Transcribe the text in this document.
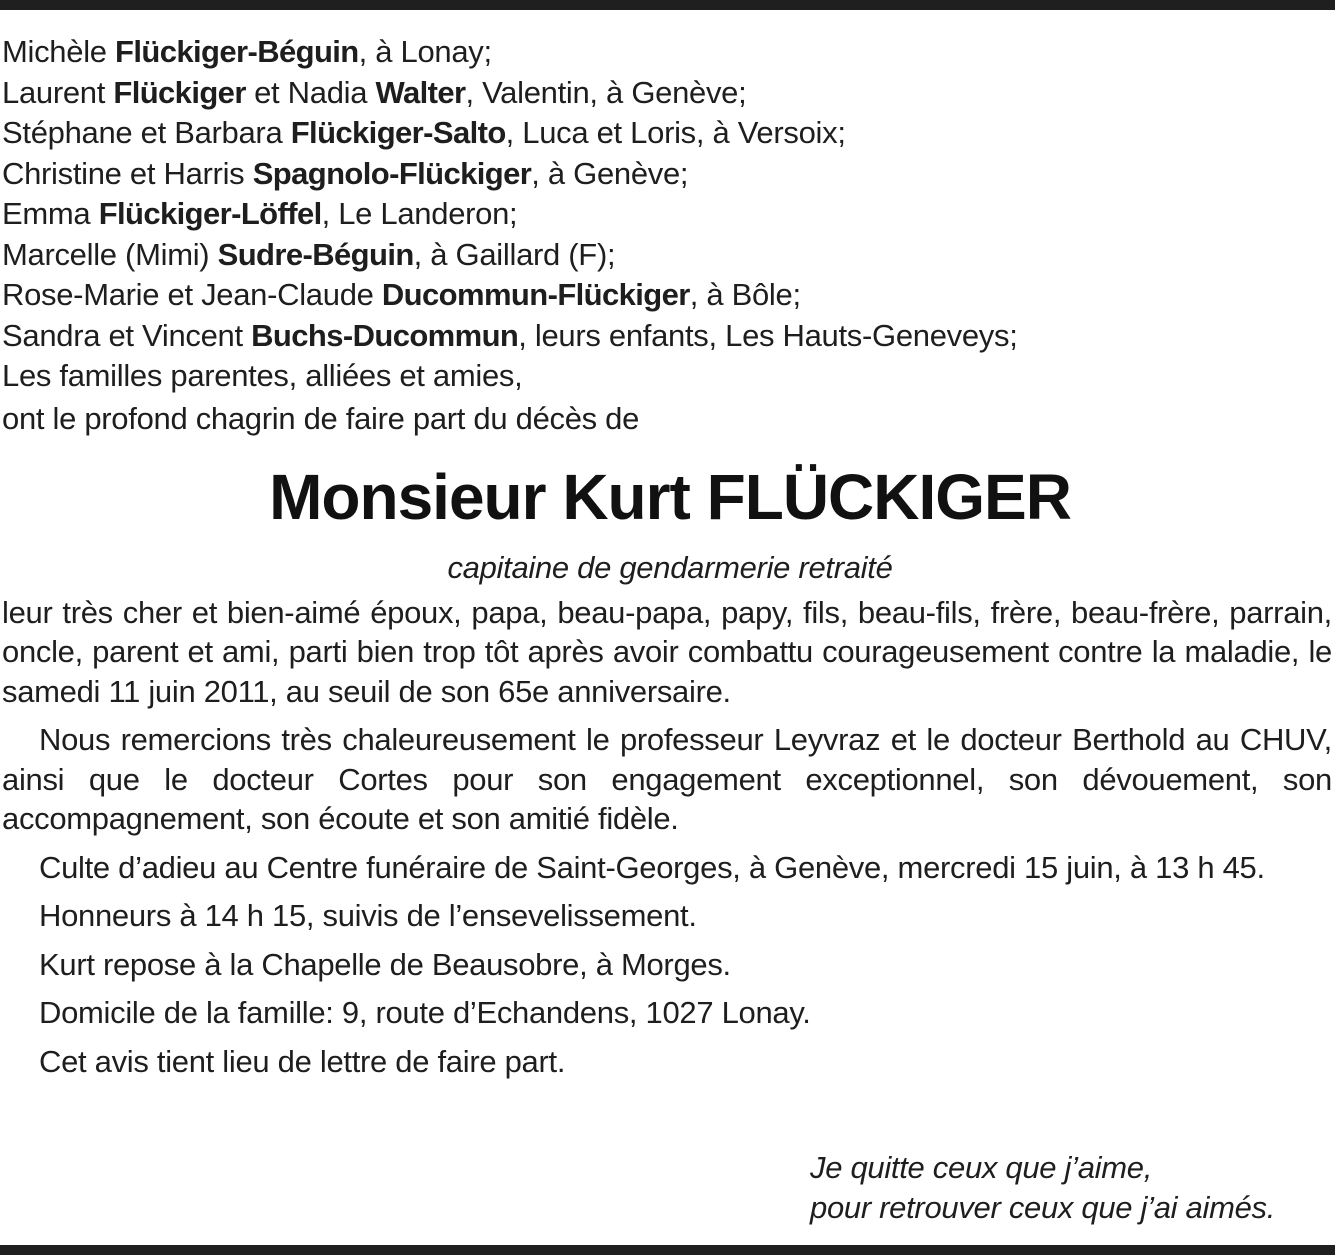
Michèle Flückiger-Béguin, à Lonay;
Laurent Flückiger et Nadia Walter, Valentin, à Genève;
Stéphane et Barbara Flückiger-Salto, Luca et Loris, à Versoix;
Christine et Harris Spagnolo-Flückiger, à Genève;
Emma Flückiger-Löffel, Le Landeron;
Marcelle (Mimi) Sudre-Béguin, à Gaillard (F);
Rose-Marie et Jean-Claude Ducommun-Flückiger, à Bôle;
Sandra et Vincent Buchs-Ducommun, leurs enfants, Les Hauts-Geneveys;
Les familles parentes, alliées et amies,
ont le profond chagrin de faire part du décès de
Monsieur Kurt FLÜCKIGER
capitaine de gendarmerie retraité
leur très cher et bien-aimé époux, papa, beau-papa, papy, fils, beau-fils, frère, beau-frère, parrain, oncle, parent et ami, parti bien trop tôt après avoir combattu courageusement contre la maladie, le samedi 11 juin 2011, au seuil de son 65e anniversaire.
Nous remercions très chaleureusement le professeur Leyvraz et le docteur Berthold au CHUV, ainsi que le docteur Cortes pour son engagement exceptionnel, son dévouement, son accompagnement, son écoute et son amitié fidèle.
Culte d’adieu au Centre funéraire de Saint-Georges, à Genève, mercredi 15 juin, à 13 h 45.
Honneurs à 14 h 15, suivis de l’ensevelissement.
Kurt repose à la Chapelle de Beausobre, à Morges.
Domicile de la famille: 9, route d’Echandens, 1027 Lonay.
Cet avis tient lieu de lettre de faire part.
Je quitte ceux que j’aime,
pour retrouver ceux que j’ai aimés.
